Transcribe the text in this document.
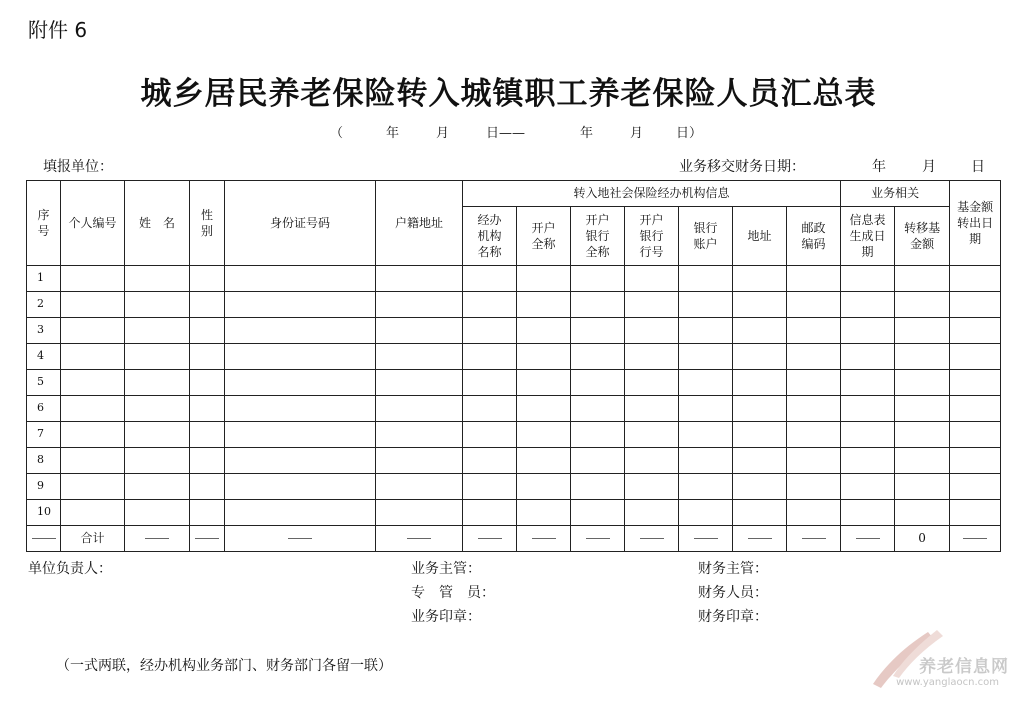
附件 6
城乡居民养老保险转入城镇职工养老保险人员汇总表
（	年	月	日——	年	月	日）
填报单位：	业务移交财务日期：	年	月	日
序号	个人编号	姓　名	性别	身份证号码	户籍地址	转入地社会保险经办机构信息							业务相关		基金额转出日期
						经办机构名称	开户全称	开户银行全称	开户银行行号	银行账户	地址	邮政编码	信息表生成日期	转移基金额	
1															
2															
3															
4															
5															
6															
7															
8															
9															
10															
	合计													0	
单位负责人：	业务主管：
专　管　员：
业务印章：
财务主管：
财务人员：
财务印章：
（一式两联，经办机构业务部门、财务部门各留一联）	养老信息网
www.yanglaocn.com
